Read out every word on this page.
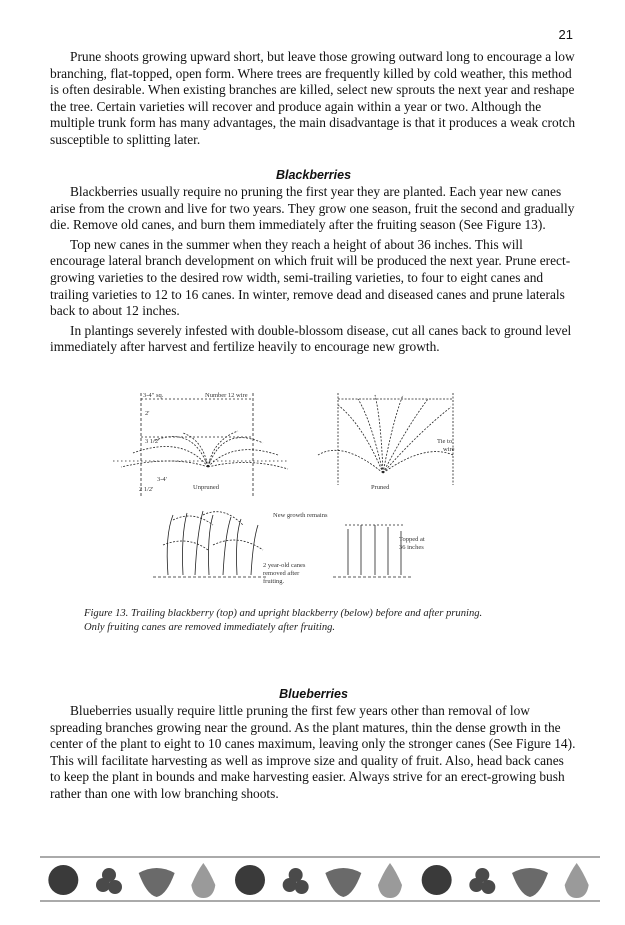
21

Prune shoots growing upward short, but leave those growing outward long to encourage a low branching, flat-topped, open form. Where trees are frequently killed by cold weather, this method is often desirable. When existing branches are killed, select new sprouts the next year and reshape the tree. Certain varieties will recover and produce again within a year or two. Although the multiple trunk form has many advantages, the main disadvantage is that it produces a weak crotch susceptible to splitting later.

Blackberries

Blackberries usually require no pruning the first year they are planted. Each year new canes arise from the crown and live for two years. They grow one season, fruit the second and gradually die. Remove old canes, and burn them immediately after the fruiting season (See Figure 13).

Top new canes in the summer when they reach a height of about 36 inches. This will encourage lateral branch development on which fruit will be produced the next year. Prune erect-growing varieties to the desired row width, semi-trailing varieties, to four to eight canes and trailing varieties to 12 to 16 canes. In winter, remove dead and diseased canes and prune laterals back to about 12 inches.

In plantings severely infested with double-blossom disease, cut all canes back to ground level immediately after harvest and fertilize heavily to encourage new growth.

3-4" sq.	Number 12 wire
2'
3 1/2'
3-4'
2 1/2'	Unpruned	Pruned
Tie to
wire
New growth remains
Topped at
36 inches
2 year-old canes
removed after
fruiting.
Figure 13. Trailing blackberry (top) and upright blackberry (below) before and after pruning.
Only fruiting canes are removed immediately after fruiting.
Blueberries

Blueberries usually require little pruning the first few years other than removal of low spreading branches growing near the ground. As the plant matures, thin the dense growth in the center of the plant to eight to 10 canes maximum, leaving only the stronger canes (See Figure 14). This will facilitate harvesting as well as improve size and quality of fruit. Also, head back canes to keep the plant in bounds and make harvesting easier. Always strive for an erect-growing bush rather than one with low branching shoots.
